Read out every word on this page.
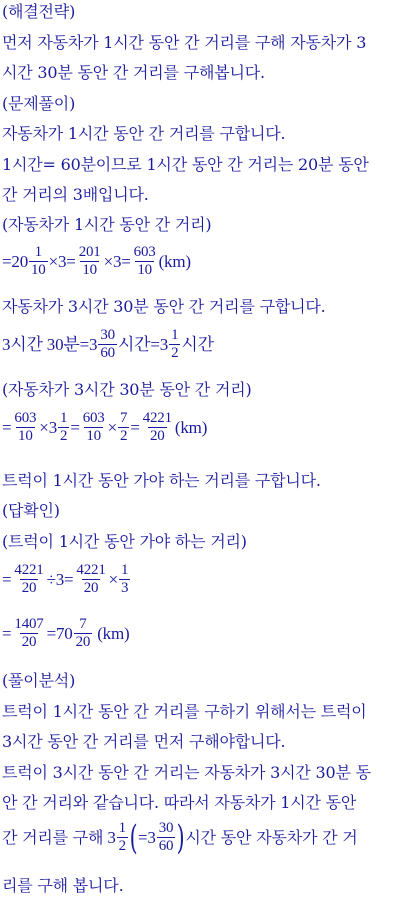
(해결전략)
먼저 자동차가 1시간 동안 간 거리를 구해 자동차가 3
시간 30분 동안 간 거리를 구해봅니다.
(문제풀이)
자동차가 1시간 동안 간 거리를 구합니다.
1시간= 60분이므로 1시간 동안 간 거리는 20분 동안
간 거리의 3배입니다.
(자동차가 1시간 동안 간 거리)
= $20 \frac{1}{10} \times 3= \frac{201}{10} \times 3= \frac{603}{10} (km)$
자동차가 3시간 30분 동안 간 거리를 구합니다.
3시간 30분= $3 \frac{30}{60}$ 시간= $3 \frac{1}{2}$ 시간
(자동차가 3시간 30분 동안 간 거리)
= $\frac{603}{10} \times 3 \frac{1}{2} = \frac{603}{10} \times \frac{7}{2} = \frac{4221}{20} (km)$
트럭이 1시간 동안 가야 하는 거리를 구합니다.
(답확인)
(트럭이 1시간 동안 가야 하는 거리)
= $\frac{4221}{20} \div 3= \frac{4221}{20} \times \frac{1}{3}$
= $\frac{1407}{20} = 70 \frac{7}{20} (km)$
(풀이분석)
트럭이 1시간 동안 간 거리를 구하기 위해서는 트럭이
3시간 동안 간 거리를 먼저 구해야합니다.
트럭이 3시간 동안 간 거리는 자동차가 3시간 30분 동
안 간 거리와 같습니다. 따라서 자동차가 1시간 동안
간 거리를 구해 $3 \frac{1}{2}$ ( = $3 \frac{30}{60}$ ) 시간 동안 자동차가 간 거
리를 구해 봅니다.
